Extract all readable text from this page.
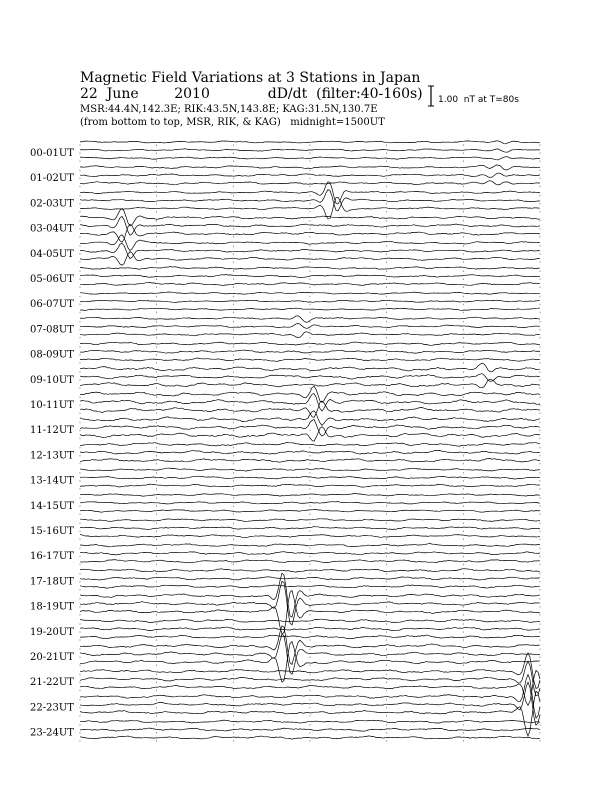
Magnetic Field Variations at 3 Stations in Japan
22  June        2010             dD/dt  (filter:40-160s)
MSR:44.4N,142.3E; RIK:43.5N,143.8E; KAG:31.5N,130.7E
(from bottom to top, MSR, RIK, & KAG)   midnight=1500UT
1.00  nT at T=80s
00-01UT
01-02UT
02-03UT
03-04UT
04-05UT
05-06UT
06-07UT
07-08UT
08-09UT
09-10UT
10-11UT
11-12UT
12-13UT
13-14UT
14-15UT
15-16UT
16-17UT
17-18UT
18-19UT
19-20UT
20-21UT
21-22UT
22-23UT
23-24UT
